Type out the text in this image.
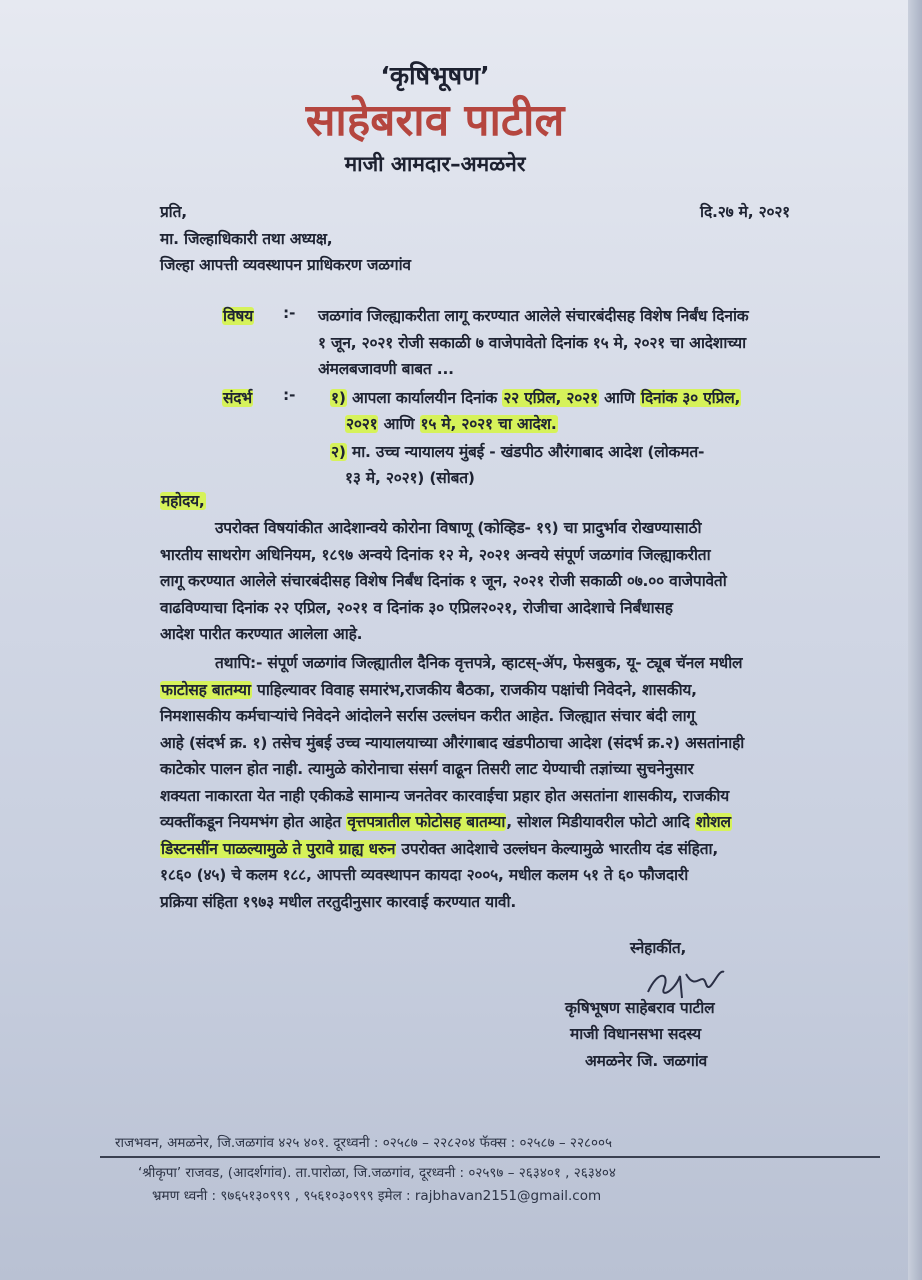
‘कृषिभूषण’
साहेबराव पाटील
माजी आमदार–अमळनेर
प्रति,	दि.२७ मे, २०२१
मा. जिल्हाधिकारी तथा अध्यक्ष,
जिल्हा आपत्ती व्यवस्थापन प्राधिकरण जळगांव
विषय :- जळगांव जिल्ह्याकरीता लागू करण्यात आलेले संचारबंदीसह विशेष निर्बंध दिनांक
१ जून, २०२१ रोजी सकाळी ७ वाजेपावेतो दिनांक १५ मे, २०२१ चा आदेशाच्या
अंमलबजावणी बाबत ...
संदर्भ :- १) आपला कार्यालयीन दिनांक २२ एप्रिल, २०२१ आणि दिनांक ३० एप्रिल,
२०२१ आणि १५ मे, २०२१ चा आदेश.
२) मा. उच्च न्यायालय मुंबई - खंडपीठ औरंगाबाद आदेश (लोकमत-
१३ मे, २०२१) (सोबत)
महोदय,
उपरोक्त विषयांकीत आदेशान्वये कोरोना विषाणू (कोव्हिड- १९) चा प्रादुर्भाव रोखण्यासाठी
भारतीय साथरोग अधिनियम, १८९७ अन्वये दिनांक १२ मे, २०२१ अन्वये संपूर्ण जळगांव जिल्ह्याकरीता
लागू करण्यात आलेले संचारबंदीसह विशेष निर्बंध दिनांक १ जून, २०२१ रोजी सकाळी ०७.०० वाजेपावेतो
वाढविण्याचा दिनांक २२ एप्रिल, २०२१ व दिनांक ३० एप्रिल२०२१, रोजीचा आदेशाचे निर्बंधासह
आदेश पारीत करण्यात आलेला आहे.
तथापि:- संपूर्ण जळगांव जिल्ह्यातील दैनिक वृत्तपत्रे, व्हाटस्-ॲप, फेसबुक, यू- ट्यूब चॅनल मधील
फाटोसह बातम्या पाहिल्यावर विवाह समारंभ,राजकीय बैठका, राजकीय पक्षांची निवेदने, शासकीय,
निमशासकीय कर्मचाऱ्यांचे निवेदने आंदोलने सर्रास उल्लंघन करीत आहेत. जिल्ह्यात संचार बंदी लागू
आहे (संदर्भ क्र. १) तसेच मुंबई उच्च न्यायालयाच्या औरंगाबाद खंडपीठाचा आदेश (संदर्भ क्र.२) असतांनाही
काटेकोर पालन होत नाही. त्यामुळे कोरोनाचा संसर्ग वाढून तिसरी लाट येण्याची तज्ञांच्या सुचनेनुसार
शक्यता नाकारता येत नाही एकीकडे सामान्य जनतेवर कारवाईचा प्रहार होत असतांना शासकीय, राजकीय
व्यक्तींकडून नियमभंग होत आहेत वृत्तपत्रातील फोटोसह बातम्या, सोशल मिडीयावरील फोटो आदि शोशल
डिस्टनसींन पाळल्यामुळे ते पुरावे ग्राह्य धरुन उपरोक्त आदेशाचे उल्लंघन केल्यामुळे भारतीय दंड संहिता,
१८६० (४५) चे कलम १८८, आपत्ती व्यवस्थापन कायदा २००५, मधील कलम ५१ ते ६० फौजदारी
प्रक्रिया संहिता १९७३ मधील तरतुदीनुसार कारवाई करण्यात यावी.
स्नेहाकींत,
कृषिभूषण साहेबराव पाटील
माजी विधानसभा सदस्य
अमळनेर जि. जळगांव
राजभवन, अमळनेर, जि.जळगांव ४२५ ४०१. दूरध्वनी : ०२५८७ – २२८२०४ फॅक्स : ०२५८७ – २२८००५
‘श्रीकृपा’ राजवड, (आदर्शगांव). ता.पारोळा, जि.जळगांव, दूरध्वनी : ०२५९७ – २६३४०१ , २६३४०४
भ्रमण ध्वनी : ९७६५१३०९९९ , ९५६१०३०९९९ इमेल : rajbhavan2151@gmail.com
